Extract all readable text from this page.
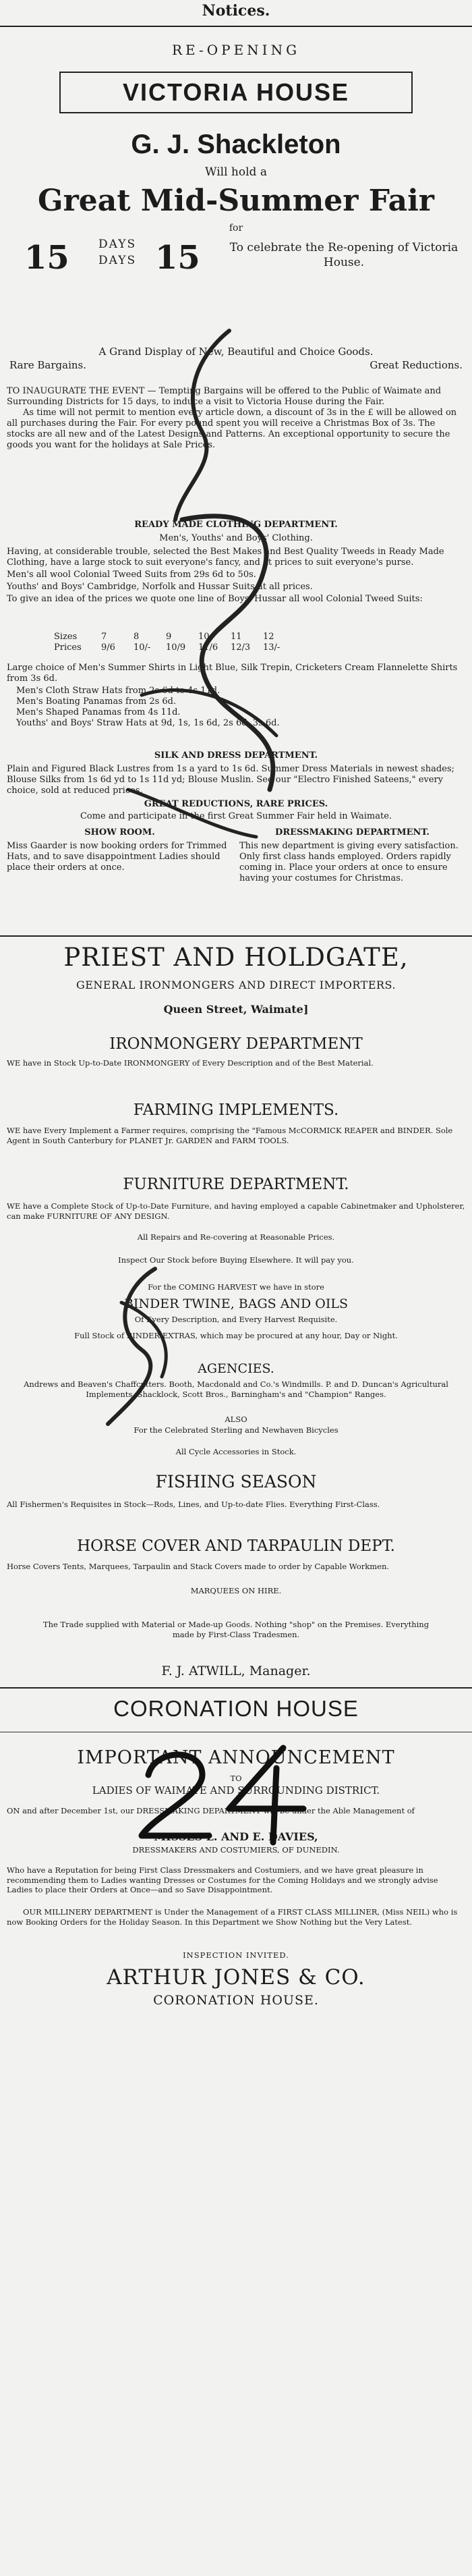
Notices.
RE-OPENING
VICTORIA HOUSE
G. J. Shackleton
Will hold a
Great Mid-Summer Fair
for
15	DAYS
DAYS 15	To celebrate the Re-opening of Victoria House.
A Grand Display of New, Beautiful and Choice Goods.
Rare Bargains.	Great Reductions.

TO INAUGURATE THE EVENT — Tempting Bargains will be offered to the Public of Waimate and Surrounding Districts for 15 days, to induce a visit to Victoria House during the Fair.

As time will not permit to mention every article down, a discount of 3s in the £ will be allowed on all purchases during the Fair. For every pound spent you will receive a Christmas Box of 3s. The stocks are all new and of the Latest Designs and Patterns. An exceptional opportunity to secure the goods you want for the holidays at Sale Prices.

READY MADE CLOTHING DEPARTMENT.
Men's, Youths' and Boys' Clothing.

Having, at considerable trouble, selected the Best Makes and Best Quality Tweeds in Ready Made Clothing, have a large stock to suit everyone's fancy, and at prices to suit everyone's purse.

Men's all wool Colonial Tweed Suits from 29s 6d to 50s.

Youths' and Boys' Cambridge, Norfolk and Hussar Suits at all prices.

To give an idea of the prices we quote one line of Boys' Hussar all wool Colonial Tweed Suits:

Sizes	7	8	9	10	11	12
Prices	9/6	10/-	10/9	11/6	12/3	13/-

Large choice of Men's Summer Shirts in Light Blue, Silk Trepin, Cricketers Cream Flannelette Shirts from 3s 6d.

Men's Cloth Straw Hats from 2s 6d to 4s 11d.

Men's Boating Panamas from 2s 6d.

Men's Shaped Panamas from 4s 11d.

Youths' and Boys' Straw Hats at 9d, 1s, 1s 6d, 2s 6d, 3s 6d.

SILK AND DRESS DEPARTMENT.

Plain and Figured Black Lustres from 1s a yard to 1s 6d. Summer Dress Materials in newest shades; Blouse Silks from 1s 6d yd to 1s 11d yd; Blouse Muslin. See our "Electro Finished Sateens," every choice, sold at reduced prices.

GREAT REDUCTIONS, RARE PRICES.
Come and participate in the first Great Summer Fair held in Waimate.
SHOW ROOM.
Miss Gaarder is now booking orders for Trimmed Hats, and to save disappointment Ladies should place their orders at once.
DRESSMAKING DEPARTMENT.
This new department is giving every satisfaction. Only first class hands employed. Orders rapidly coming in. Place your orders at once to ensure having your costumes for Christmas.
PRIEST AND HOLDGATE,
GENERAL IRONMONGERS AND DIRECT IMPORTERS.
Queen Street, Waimate]
IRONMONGERY DEPARTMENT

WE have in Stock Up-to-Date IRONMONGERY of Every Description and of the Best Material.

FARMING IMPLEMENTS.

WE have Every Implement a Farmer requires, comprising the "Famous McCORMICK REAPER and BINDER. Sole Agent in South Canterbury for PLANET Jr. GARDEN and FARM TOOLS.

FURNITURE DEPARTMENT.

WE have a Complete Stock of Up-to-Date Furniture, and having employed a capable Cabinetmaker and Upholsterer, can make FURNITURE OF ANY DESIGN.

All Repairs and Re-covering at Reasonable Prices.
Inspect Our Stock before Buying Elsewhere. It will pay you.
For the COMING HARVEST we have in store
BINDER TWINE, BAGS AND OILS
Of Every Description, and Every Harvest Requisite.
Full Stock of BINDER EXTRAS, which may be procured at any hour, Day or Night.
AGENCIES.

Andrews and Beaven's Chaffcutters. Booth, Macdonald and Co.'s Windmills. P. and D. Duncan's Agricultural Implements. Shacklock, Scott Bros., Barningham's and "Champion" Ranges.

ALSO
For the Celebrated Sterling and Newhaven Bicycles
All Cycle Accessories in Stock.
FISHING SEASON

All Fishermen's Requisites in Stock—Rods, Lines, and Up-to-date Flies. Everything First-Class.

HORSE COVER AND TARPAULIN DEPT.

Horse Covers Tents, Marquees, Tarpaulin and Stack Covers made to order by Capable Workmen.

MARQUEES ON HIRE.

The Trade supplied with Material or Made-up Goods. Nothing "shop" on the Premises. Everything made by First-Class Tradesmen.

F. J. ATWILL, Manager.
CORONATION HOUSE
IMPORTANT ANNOUNCEMENT
TO
LADIES OF WAIMATE AND SURROUNDING DISTRICT.

ON and after December 1st, our DRESSMAKING DEPARTMENT will be under the Able Management of

MISSES L. AND E. DAVIES,
DRESSMAKERS AND COSTUMIERS, OF DUNEDIN.

Who have a Reputation for being First Class Dressmakers and Costumiers, and we have great pleasure in recommending them to Ladies wanting Dresses or Costumes for the Coming Holidays and we strongly advise Ladies to place their Orders at Once—and so Save Disappointment.

OUR MILLINERY DEPARTMENT is Under the Management of a FIRST CLASS MILLINER, (Miss NEIL) who is now Booking Orders for the Holiday Season. In this Department we Show Nothing but the Very Latest.

INSPECTION INVITED.
ARTHUR JONES & CO.
CORONATION HOUSE.
